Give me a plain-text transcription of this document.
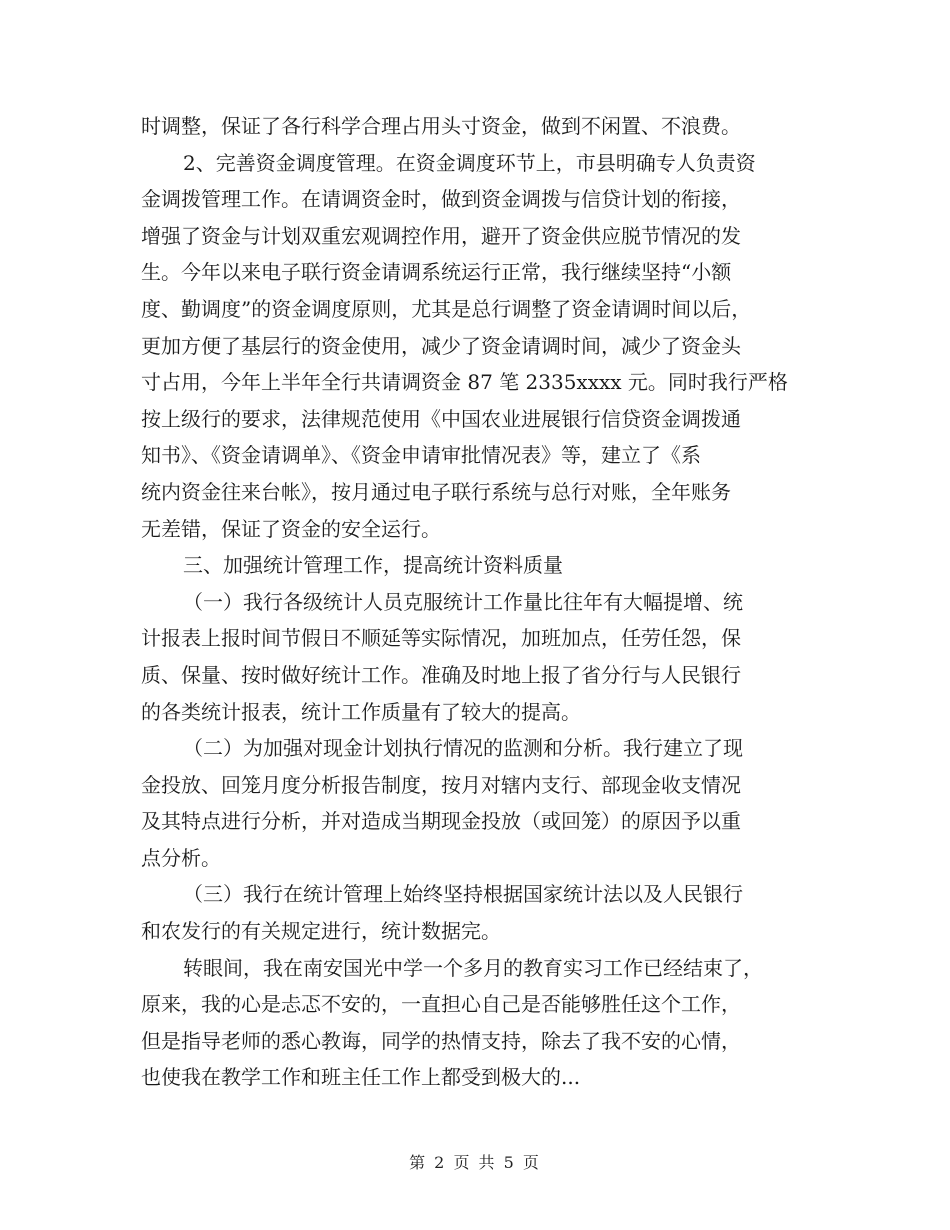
时调整，保证了各行科学合理占用头寸资金，做到不闲置、不浪费。
2、完善资金调度管理。在资金调度环节上，市县明确专人负责资
金调拨管理工作。在请调资金时，做到资金调拨与信贷计划的衔接，
增强了资金与计划双重宏观调控作用，避开了资金供应脱节情况的发
生。今年以来电子联行资金请调系统运行正常，我行继续坚持“小额
度、勤调度”的资金调度原则，尤其是总行调整了资金请调时间以后，
更加方便了基层行的资金使用，减少了资金请调时间，减少了资金头
寸占用，今年上半年全行共请调资金 87 笔 2335xxxx 元。同时我行严格
按上级行的要求，法律规范使用《中国农业进展银行信贷资金调拨通
知书》、《资金请调单》、《资金申请审批情况表》等，建立了《系
统内资金往来台帐》，按月通过电子联行系统与总行对账，全年账务
无差错，保证了资金的安全运行。
三、加强统计管理工作，提高统计资料质量
（一）我行各级统计人员克服统计工作量比往年有大幅提增、统
计报表上报时间节假日不顺延等实际情况，加班加点，任劳任怨，保
质、保量、按时做好统计工作。准确及时地上报了省分行与人民银行
的各类统计报表，统计工作质量有了较大的提高。
（二）为加强对现金计划执行情况的监测和分析。我行建立了现
金投放、回笼月度分析报告制度，按月对辖内支行、部现金收支情况
及其特点进行分析，并对造成当期现金投放（或回笼）的原因予以重
点分析。
（三）我行在统计管理上始终坚持根据国家统计法以及人民银行
和农发行的有关规定进行，统计数据完。
转眼间，我在南安国光中学一个多月的教育实习工作已经结束了，
原来，我的心是忐忑不安的，一直担心自己是否能够胜任这个工作，
但是指导老师的悉心教诲，同学的热情支持，除去了我不安的心情，
也使我在教学工作和班主任工作上都受到极大的...
第 2 页 共 5 页
